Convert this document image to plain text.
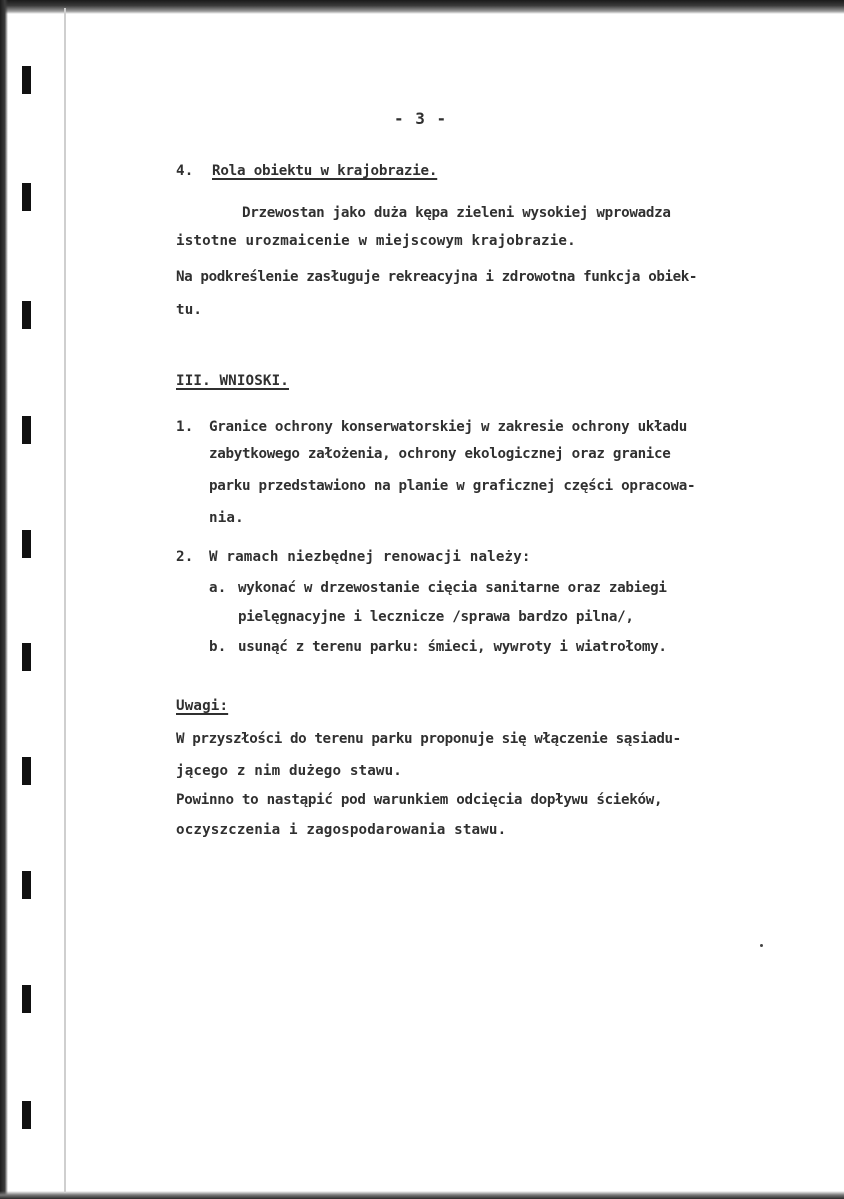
- 3 -
4. Rola obiektu w krajobrazie.
Drzewostan jako duża kępa zieleni wysokiej wprowadza
istotne urozmaicenie w miejscowym krajobrazie.
Na podkreślenie zasługuje rekreacyjna i zdrowotna funkcja obiek-
tu.
III. WNIOSKI.
1. Granice ochrony konserwatorskiej w zakresie ochrony układu
zabytkowego założenia, ochrony ekologicznej oraz granice
parku przedstawiono na planie w graficznej części opracowa-
nia.
2. W ramach niezbędnej renowacji należy:
a. wykonać w drzewostanie cięcia sanitarne oraz zabiegi
pielęgnacyjne i lecznicze /sprawa bardzo pilna/,
b. usunąć z terenu parku: śmieci, wywroty i wiatrołomy.
Uwagi:
W przyszłości do terenu parku proponuje się włączenie sąsiadu-
jącego z nim dużego stawu.
Powinno to nastąpić pod warunkiem odcięcia dopływu ścieków,
oczyszczenia i zagospodarowania stawu.
